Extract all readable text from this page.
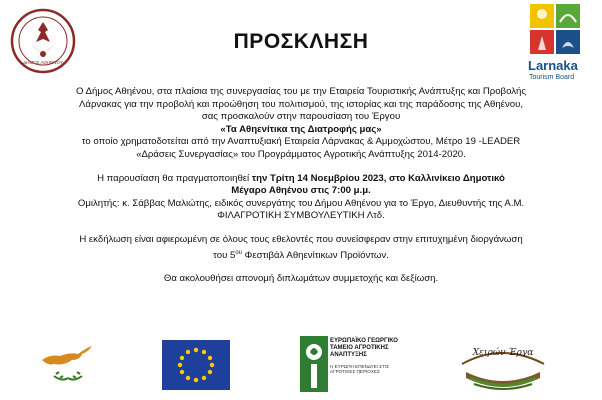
ΔΗΜΟΣ ΑΘΗΕΝΟΥ
ΠΡΟΣΚΛΗΣΗ
Larnaka
Tourism Board

Ο Δήμος Αθηένου, στα πλαίσια της συνεργασίας του με την Εταιρεία Τουριστικής Ανάπτυξης και Προβολής

Λάρνακας για την προβολή και προώθηση του πολιτισμού, της ιστορίας και της παράδοσης της Αθηένου,

σας προσκαλούν στην παρουσίαση του Έργου

«Τα Αθηενίτικα της Διατροφής μας»

το οποίο χρηματοδοτείται από την Αναπτυξιακή Εταιρεία Λάρνακας & Αμμοχώστου, Μέτρο 19 -LEADER

«Δράσεις Συνεργασίας» του Προγράμματος Αγροτικής Ανάπτυξης 2014-2020.

Η παρουσίαση θα πραγματοποιηθεί την Τρίτη 14 Νοεμβρίου 2023, στο Καλλινίκειο Δημοτικό

Μέγαρο Αθηένου στις 7:00 μ.μ.

Ομιλητής: κ. Σάββας Μαλιώτης, ειδικός συνεργάτης του Δήμου Αθηένου για το Έργο, Διευθυντής της Α.Μ.

ΦΙΛΑΓΡΟΤΙΚΗ ΣΥΜΒΟΥΛΕΥΤΙΚΗ Λτδ.

Η εκδήλωση είναι αφιερωμένη σε όλους τους εθελοντές που συνείσφεραν στην επιτυχημένη διοργάνωση

του $5^{o\upsilon}$ Φεστιβάλ Αθηενίτικων Προϊόντων.

Θα ακολουθήσει απονομή διπλωμάτων συμμετοχής και δεξίωση.

ΕΥΡΩΠΑΪΚΟ ΓΕΩΡΓΙΚΟ
ΤΑΜΕΙΟ ΑΓΡΟΤΙΚΗΣ
ΑΝΑΠΤΥΞΗΣ
Η ΕΥΡΩΠΗ ΕΠΕΝΔΥΕΙ ΣΤΙΣ
ΑΓΡΟΤΙΚΕΣ ΠΕΡΙΟΧΕΣ
Χειρών Έργα
